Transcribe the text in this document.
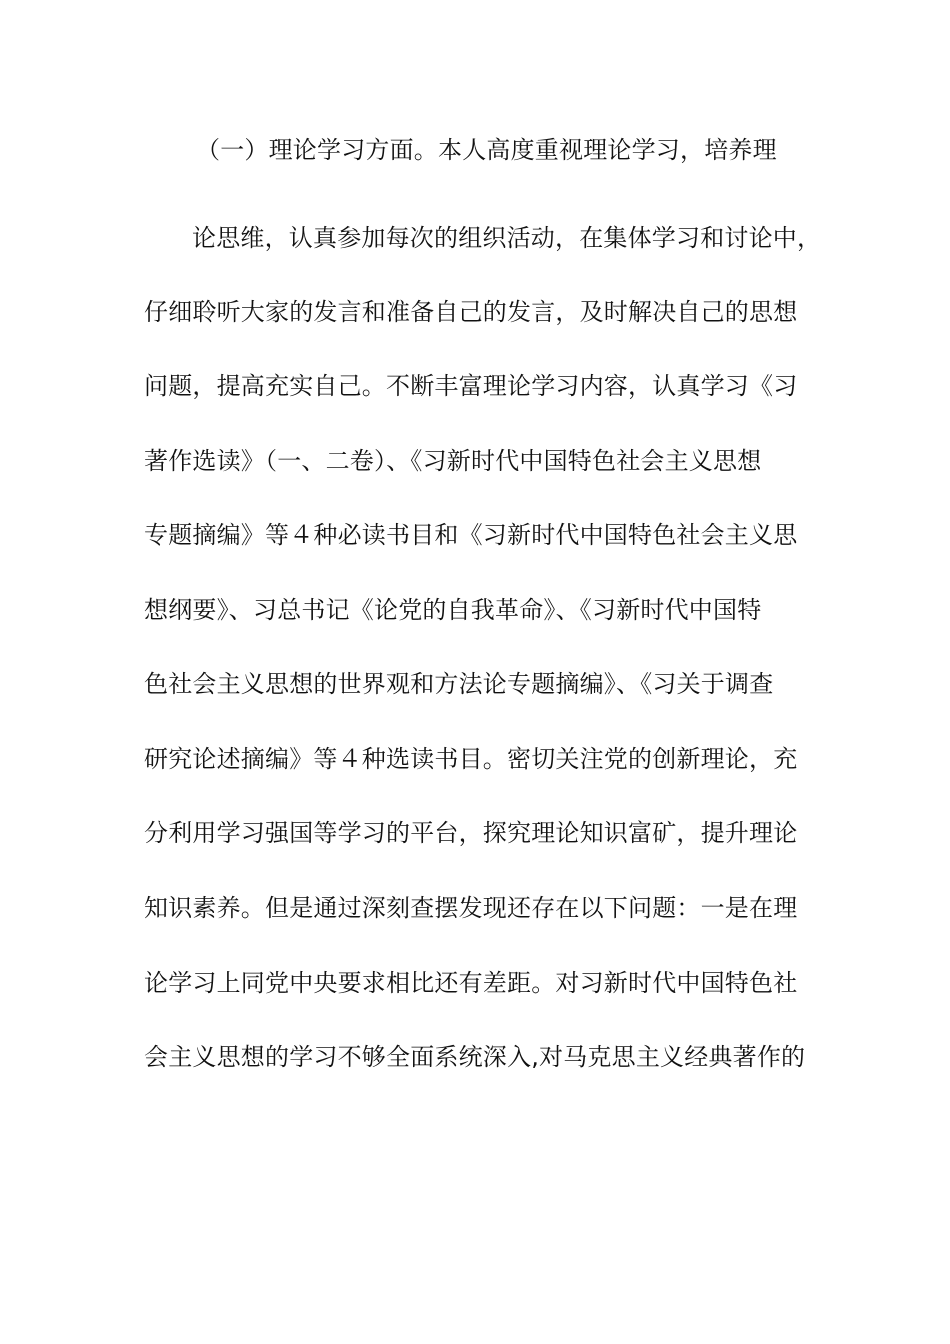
（一）理论学习方面。本人高度重视理论学习，培养理
论思维，认真参加每次的组织活动，在集体学习和讨论中，
仔细聆听大家的发言和准备自己的发言，及时解决自己的思想
问题，提高充实自己。不断丰富理论学习内容，认真学习《习
著作选读》（一、二卷）、《习新时代中国特色社会主义思想
专题摘编》等４种必读书目和《习新时代中国特色社会主义思
想纲要》、习总书记《论党的自我革命》、《习新时代中国特
色社会主义思想的世界观和方法论专题摘编》、《习关于调查
研究论述摘编》等４种选读书目。密切关注党的创新理论，充
分利用学习强国等学习的平台，探究理论知识富矿，提升理论
知识素养。但是通过深刻查摆发现还存在以下问题：一是在理
论学习上同党中央要求相比还有差距。对习新时代中国特色社
会主义思想的学习不够全面系统深入,对马克思主义经典著作的
